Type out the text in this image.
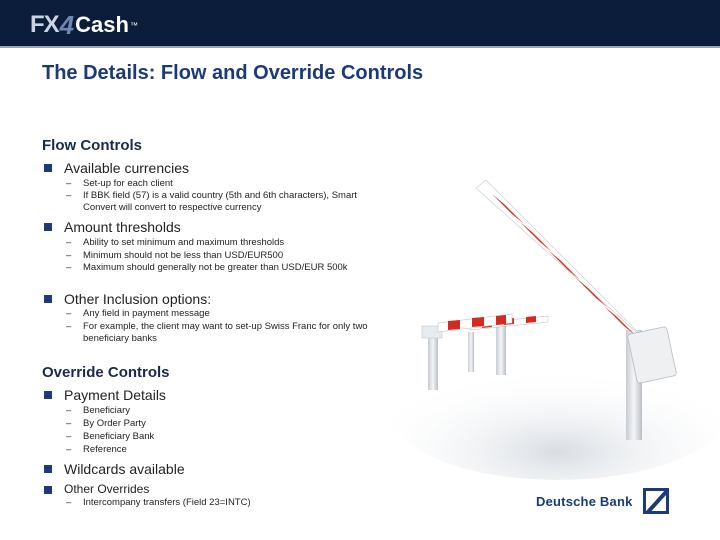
FX 4 Cash ™
The Details: Flow and Override Controls
Flow Controls
Available currencies
–	Set-up for each client
–	If BBK field (57) is a valid country (5th and 6th characters), Smart Convert will convert to respective currency
Amount thresholds
–	Ability to set minimum and maximum thresholds
–	Minimum should not be less than USD/EUR500
–	Maximum should generally not be greater than USD/EUR 500k
Other Inclusion options:
–	Any field in payment message
–	For example, the client may want to set-up Swiss Franc for only two beneficiary banks
Override Controls
Payment Details
–	Beneficiary
–	By Order Party
–	Beneficiary Bank
–	Reference
Wildcards available
Other Overrides
–	Intercompany transfers (Field 23=INTC)	Deutsche Bank
